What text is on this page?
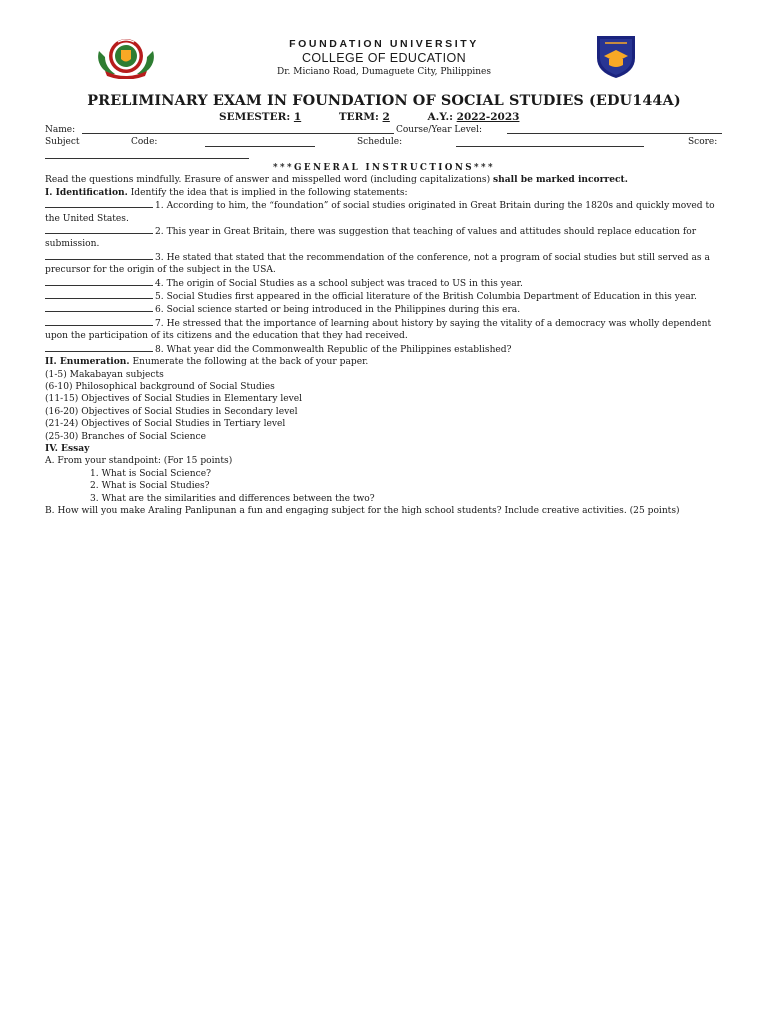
FOUNDATION UNIVERSITY
COLLEGE OF EDUCATION
Dr. Miciano Road, Dumaguete City, Philippines
PRELIMINARY EXAM IN FOUNDATION OF SOCIAL STUDIES (EDU144A)
SEMESTER: 1	TERM: 2	A.Y.: 2022-2023
Name:	Course/Year Level:
Subject	Code:	Schedule:	Score:

***GENERAL INSTRUCTIONS***

Read the questions mindfully. Erasure of answer and misspelled word (including capitalizations) shall be marked incorrect.

I. Identification. Identify the idea that is implied in the following statements:

1. According to him, the “foundation” of social studies originated in Great Britain during the 1820s and quickly moved to the United States.

2. This year in Great Britain, there was suggestion that teaching of values and attitudes should replace education for submission.

3. He stated that stated that the recommendation of the conference, not a program of social studies but still served as a precursor for the origin of the subject in the USA.

4. The origin of Social Studies as a school subject was traced to US in this year.

5. Social Studies first appeared in the official literature of the British Columbia Department of Education in this year.

6. Social science started or being introduced in the Philippines during this era.

7. He stressed that the importance of learning about history by saying the vitality of a democracy was wholly dependent upon the participation of its citizens and the education that they had received.

8. What year did the Commonwealth Republic of the Philippines established?

II. Enumeration. Enumerate the following at the back of your paper.

(1-5) Makabayan subjects

(6-10) Philosophical background of Social Studies

(11-15) Objectives of Social Studies in Elementary level

(16-20) Objectives of Social Studies in Secondary level

(21-24) Objectives of Social Studies in Tertiary level

(25-30) Branches of Social Science

IV. Essay

A. From your standpoint: (For 15 points)

1. What is Social Science?

2. What is Social Studies?

3. What are the similarities and differences between the two?

B. How will you make Araling Panlipunan a fun and engaging subject for the high school students? Include creative activities. (25 points)
